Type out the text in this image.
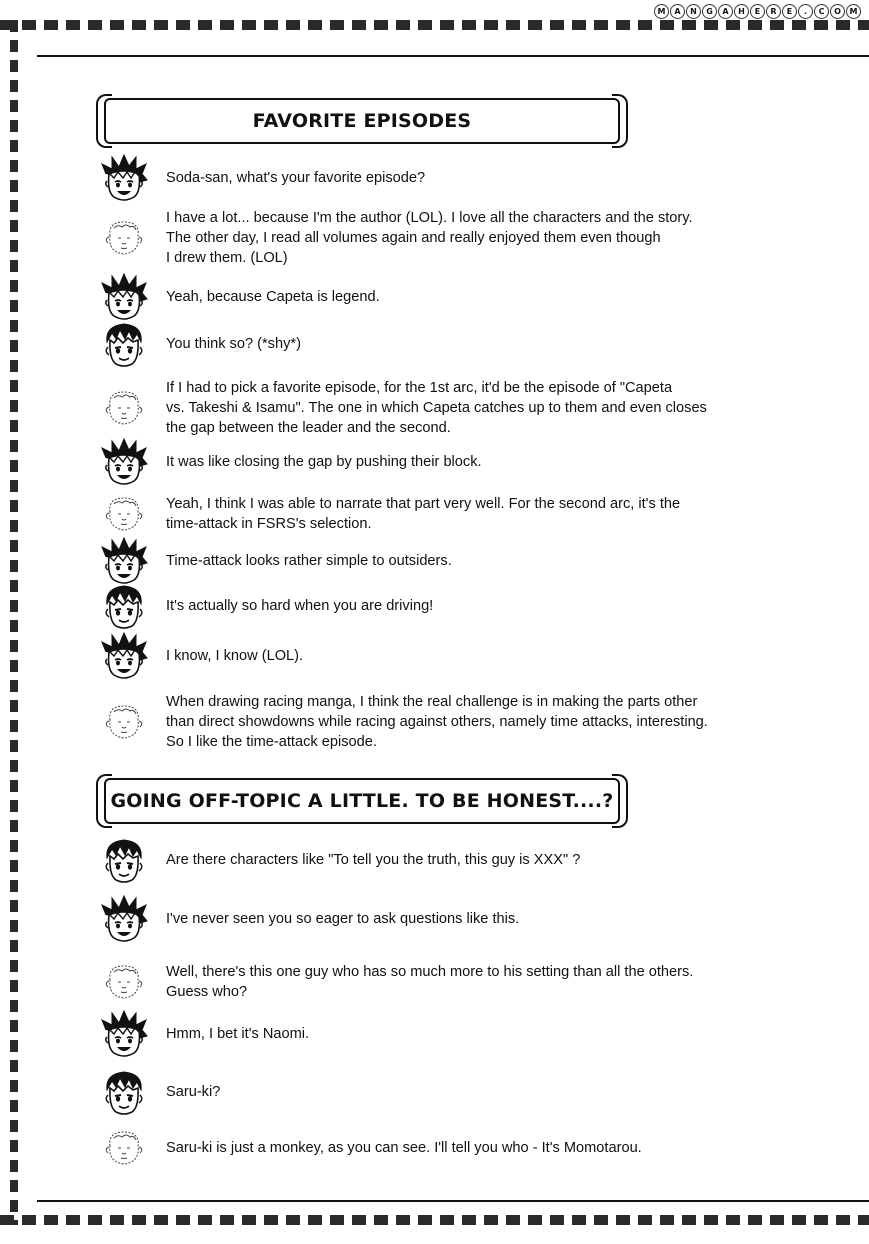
M	A	N	G	A	H	E	R	E	.	C	O	M
FAVORITE EPISODES
GOING OFF-TOPIC A LITTLE. TO BE HONEST....?
Soda-san, what's your favorite episode?
I have a lot... because I'm the author (LOL). I love all the characters and the story.
The other day, I read all volumes again and really enjoyed them even though
I drew them. (LOL)
Yeah, because Capeta is legend.
You think so? (*shy*)
If I had to pick a favorite episode, for the 1st arc, it'd be the episode of "Capeta
vs. Takeshi & Isamu". The one in which Capeta catches up to them and even closes
the gap between the leader and the second.
It was like closing the gap by pushing their block.
Yeah, I think I was able to narrate that part very well. For the second arc, it's the
time-attack in FSRS's selection.
Time-attack looks rather simple to outsiders.
It's actually so hard when you are driving!
I know, I know (LOL).
When drawing racing manga, I think the real challenge is in making the parts other
than direct showdowns while racing against others, namely time attacks, interesting.
So I like the time-attack episode.
Are there characters like "To tell you the truth, this guy is XXX" ?
I've never seen you so eager to ask questions like this.
Well, there's this one guy who has so much more to his setting than all the others.
Guess who?
Hmm, I bet it's Naomi.
Saru-ki?
Saru-ki is just a monkey, as you can see. I'll tell you who - It's Momotarou.
